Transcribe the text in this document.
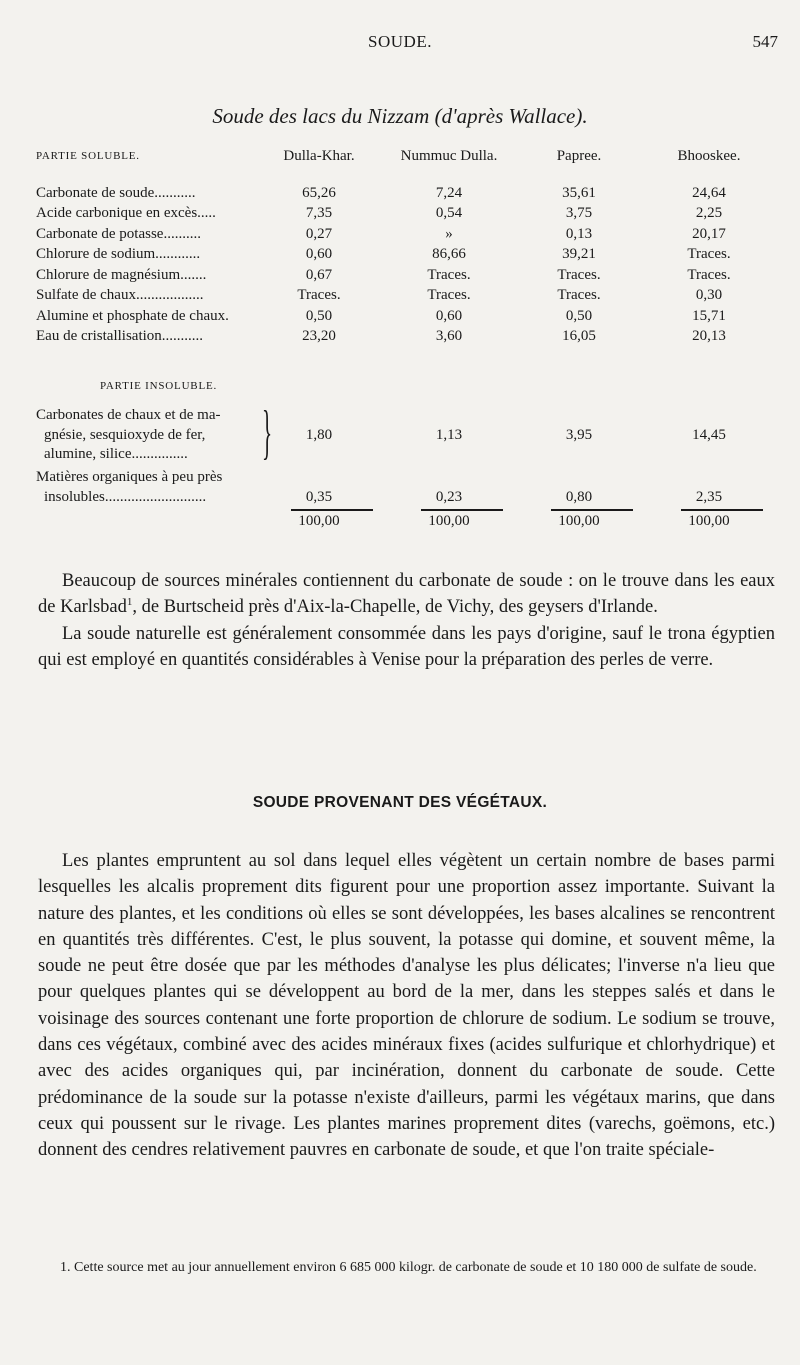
SOUDE.	547
Soude des lacs du Nizzam (d'après Wallace).
PARTIE SOLUBLE.	Dulla-Khar.	Nummuc Dulla.	Papree.	Bhooskee.
Carbonate de soude...........	65,26	7,24	35,61	24,64
Acide carbonique en excès.....	7,35	0,54	3,75	2,25
Carbonate de potasse..........	0,27	»	0,13	20,17
Chlorure de sodium............	0,60	86,66	39,21	Traces.
Chlorure de magnésium.......	0,67	Traces.	Traces.	Traces.
Sulfate de chaux..................	Traces.	Traces.	Traces.	0,30
Alumine et phosphate de chaux.	0,50	0,60	0,50	15,71
Eau de cristallisation...........	23,20	3,60	16,05	20,13
PARTIE INSOLUBLE.
Carbonates de chaux et de ma-
gnésie, sesquioxyde de fer,
alumine, silice...............	}	1,80	1,13	3,95	14,45
Matières organiques à peu près
insolubles...........................	0,35	0,23	0,80	2,35
100,00	100,00	100,00	100,00

Beaucoup de sources minérales contiennent du carbonate de soude : on le trouve dans les eaux de Karlsbad$^1$, de Burtscheid près d'Aix-la-Chapelle, de Vichy, des geysers d'Irlande.

La soude naturelle est généralement consommée dans les pays d'origine, sauf le trona égyptien qui est employé en quantités considérables à Venise pour la préparation des perles de verre.

SOUDE PROVENANT DES VÉGÉTAUX.

Les plantes empruntent au sol dans lequel elles végètent un certain nombre de bases parmi lesquelles les alcalis proprement dits figurent pour une proportion assez importante. Suivant la nature des plantes, et les conditions où elles se sont développées, les bases alcalines se rencontrent en quantités très différentes. C'est, le plus souvent, la potasse qui domine, et souvent même, la soude ne peut être dosée que par les méthodes d'analyse les plus délicates; l'inverse n'a lieu que pour quelques plantes qui se développent au bord de la mer, dans les steppes salés et dans le voisinage des sources contenant une forte proportion de chlorure de sodium. Le sodium se trouve, dans ces végétaux, combiné avec des acides minéraux fixes (acides sulfurique et chlorhydrique) et avec des acides organiques qui, par incinération, donnent du carbonate de soude. Cette prédominance de la soude sur la potasse n'existe d'ailleurs, parmi les végétaux marins, que dans ceux qui poussent sur le rivage. Les plantes marines proprement dites (varechs, goëmons, etc.) donnent des cendres relativement pauvres en carbonate de soude, et que l'on traite spéciale-

1. Cette source met au jour annuellement environ 6 685 000 kilogr. de carbonate de soude et 10 180 000 de sulfate de soude.
